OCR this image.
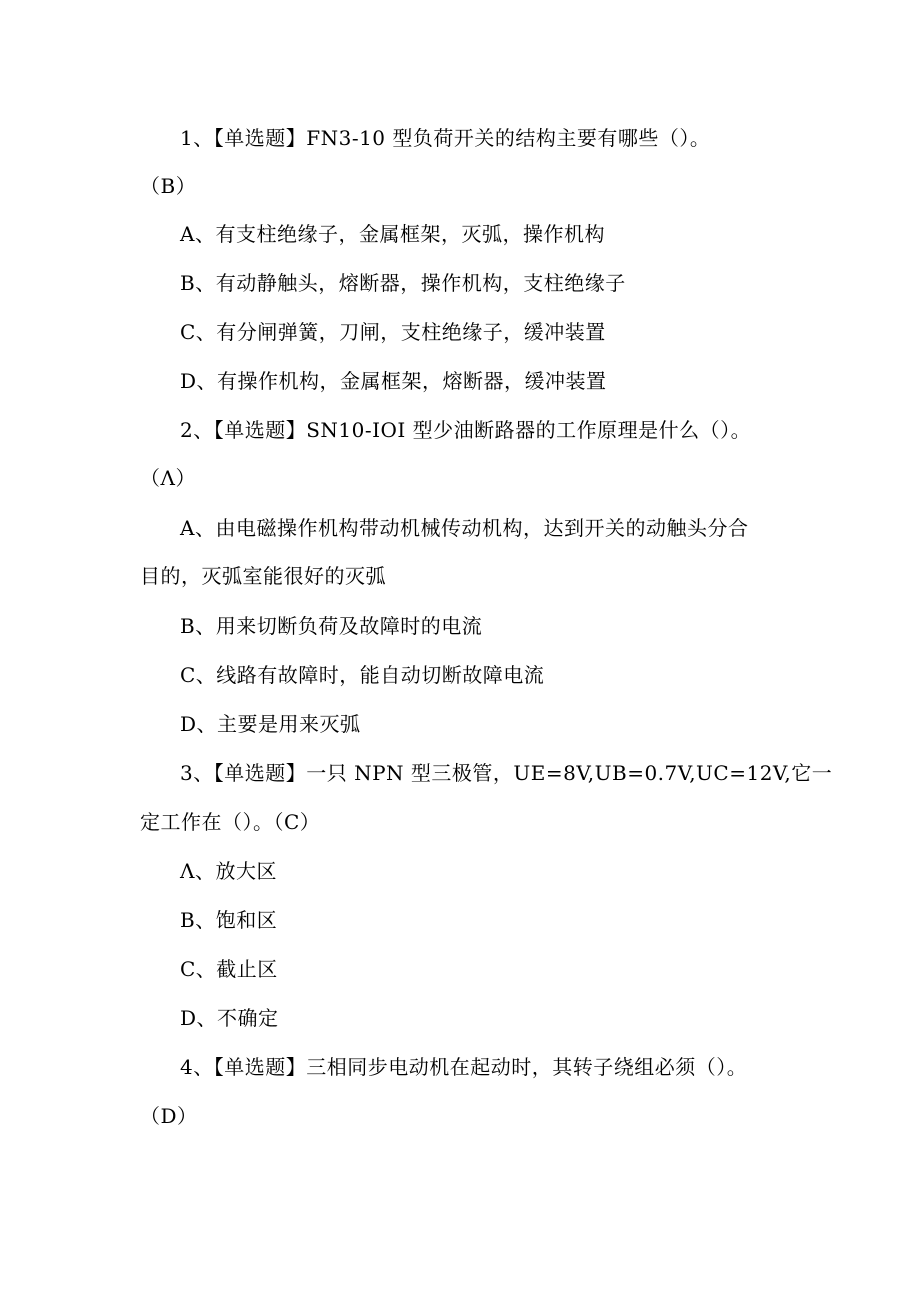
1、【单选题】FN3-10 型负荷开关的结构主要有哪些（）。
（B）
A、有支柱绝缘子，金属框架，灭弧，操作机构
B、有动静触头，熔断器，操作机构，支柱绝缘子
C、有分闸弹簧，刀闸，支柱绝缘子，缓冲装置
D、有操作机构，金属框架，熔断器，缓冲装置
2、【单选题】SN10-IOI 型少油断路器的工作原理是什么（）。
（Λ）
A、由电磁操作机构带动机械传动机构，达到开关的动触头分合
目的，灭弧室能很好的灭弧
B、用来切断负荷及故障时的电流
C、线路有故障时，能自动切断故障电流
D、主要是用来灭弧
3、【单选题】一只 NPN 型三极管，UE=8V,UB=0.7V,UC=12V,它一
定工作在（）。（C）
Λ、放大区
B、饱和区
C、截止区
D、不确定
4、【单选题】三相同步电动机在起动时，其转子绕组必须（）。
（D）
